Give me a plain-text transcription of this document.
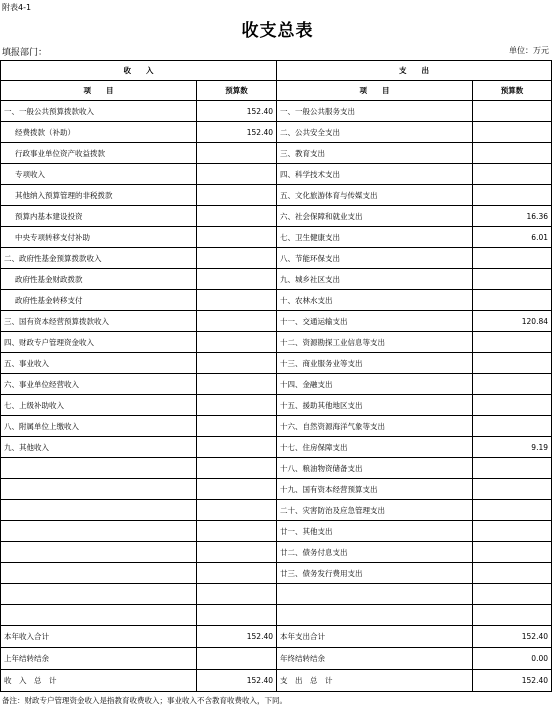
附表4-1
收支总表
填报部门：	单位：万元
收　　入		支　　出	
项　　目	预算数	项　　目	预算数
一、一般公共预算拨款收入	152.40	一、一般公共服务支出	
经费拨款（补助）	152.40	二、公共安全支出	
行政事业单位资产收益拨款		三、教育支出	
专项收入		四、科学技术支出	
其他纳入预算管理的非税拨款		五、文化旅游体育与传媒支出	
预算内基本建设投资		六、社会保障和就业支出	16.36
中央专项转移支付补助		七、卫生健康支出	6.01
二、政府性基金预算拨款收入		八、节能环保支出	
政府性基金财政拨款		九、城乡社区支出	
政府性基金转移支付		十、农林水支出	
三、国有资本经营预算拨款收入		十一、交通运输支出	120.84
四、财政专户管理资金收入		十二、资源勘探工业信息等支出	
五、事业收入		十三、商业服务业等支出	
六、事业单位经营收入		十四、金融支出	
七、上级补助收入		十五、援助其他地区支出	
八、附属单位上缴收入		十六、自然资源海洋气象等支出	
九、其他收入		十七、住房保障支出	9.19
		十八、粮油物资储备支出	
		十九、国有资本经营预算支出	
		二十、灾害防治及应急管理支出	
		廿一、其他支出	
		廿二、债务付息支出	
		廿三、债务发行费用支出	

本年收入合计	152.40	本年支出合计	152.40
上年结转结余		年终结转结余	0.00
收　入　总　计	152.40	支　出　总　计	152.40
备注：财政专户管理资金收入是指教育收费收入；事业收入不含教育收费收入，下同。
